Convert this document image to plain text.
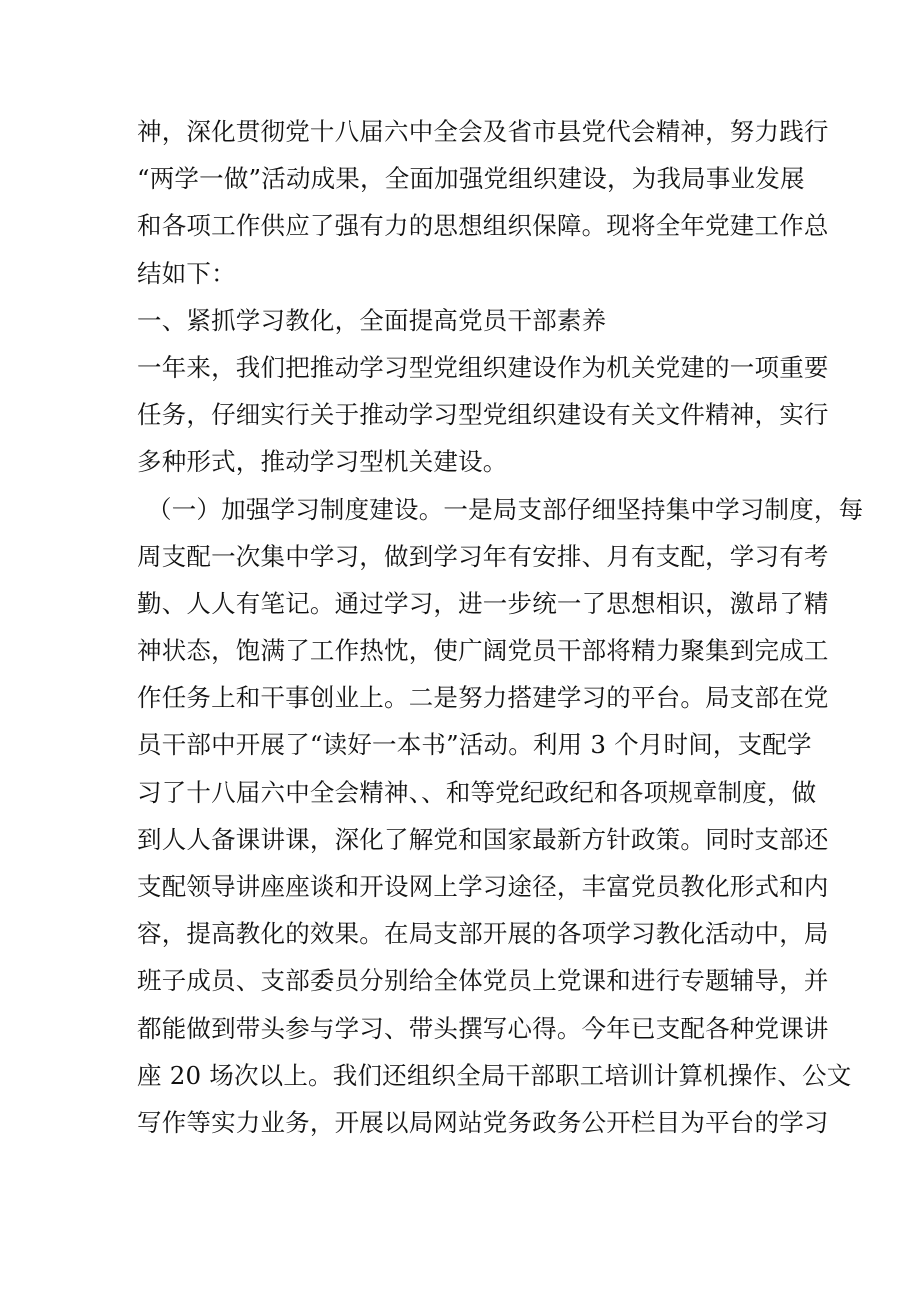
神，深化贯彻党十八届六中全会及省市县党代会精神，努力践行
“两学一做”活动成果，全面加强党组织建设，为我局事业发展
和各项工作供应了强有力的思想组织保障。现将全年党建工作总
结如下：
一、紧抓学习教化，全面提高党员干部素养
一年来，我们把推动学习型党组织建设作为机关党建的一项重要
任务，仔细实行关于推动学习型党组织建设有关文件精神，实行
多种形式，推动学习型机关建设。
（一）加强学习制度建设。一是局支部仔细坚持集中学习制度，每
周支配一次集中学习，做到学习年有安排、月有支配，学习有考
勤、人人有笔记。通过学习，进一步统一了思想相识，激昂了精
神状态，饱满了工作热忱，使广阔党员干部将精力聚集到完成工
作任务上和干事创业上。二是努力搭建学习的平台。局支部在党
员干部中开展了“读好一本书”活动。利用 3 个月时间，支配学
习了十八届六中全会精神、、和等党纪政纪和各项规章制度，做
到人人备课讲课，深化了解党和国家最新方针政策。同时支部还
支配领导讲座座谈和开设网上学习途径，丰富党员教化形式和内
容，提高教化的效果。在局支部开展的各项学习教化活动中，局
班子成员、支部委员分别给全体党员上党课和进行专题辅导，并
都能做到带头参与学习、带头撰写心得。今年已支配各种党课讲
座 20 场次以上。我们还组织全局干部职工培训计算机操作、公文
写作等实力业务，开展以局网站党务政务公开栏目为平台的学习
